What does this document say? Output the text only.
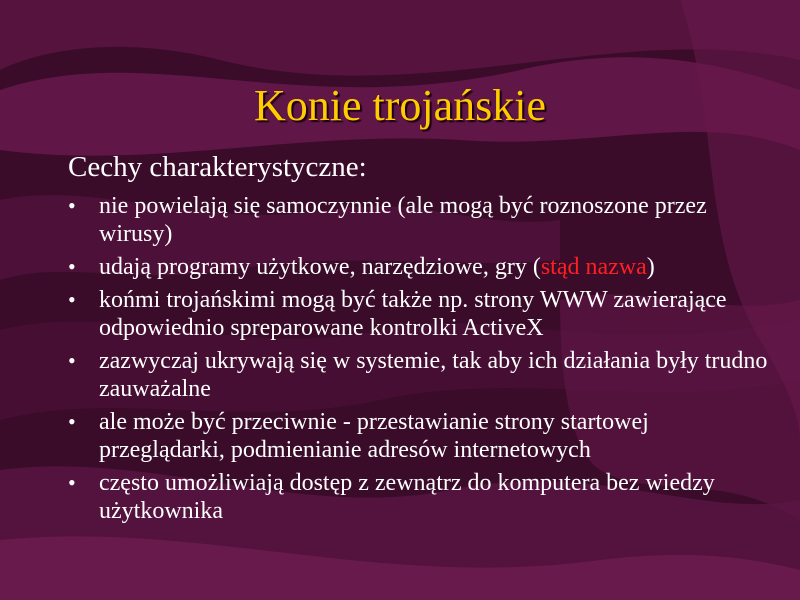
Konie trojańskie
Cechy charakterystyczne:
• nie powielają się samoczynnie (ale mogą być roznoszone przez wirusy)
• udają programy użytkowe, narzędziowe, gry (stąd nazwa)
• końmi trojańskimi mogą być także np. strony WWW zawierające odpowiednio spreparowane kontrolki ActiveX
• zazwyczaj ukrywają się w systemie, tak aby ich działania były trudno zauważalne
• ale może być przeciwnie - przestawianie strony startowej przeglądarki, podmienianie adresów internetowych
• często umożliwiają dostęp z zewnątrz do komputera bez wiedzy użytkownika
